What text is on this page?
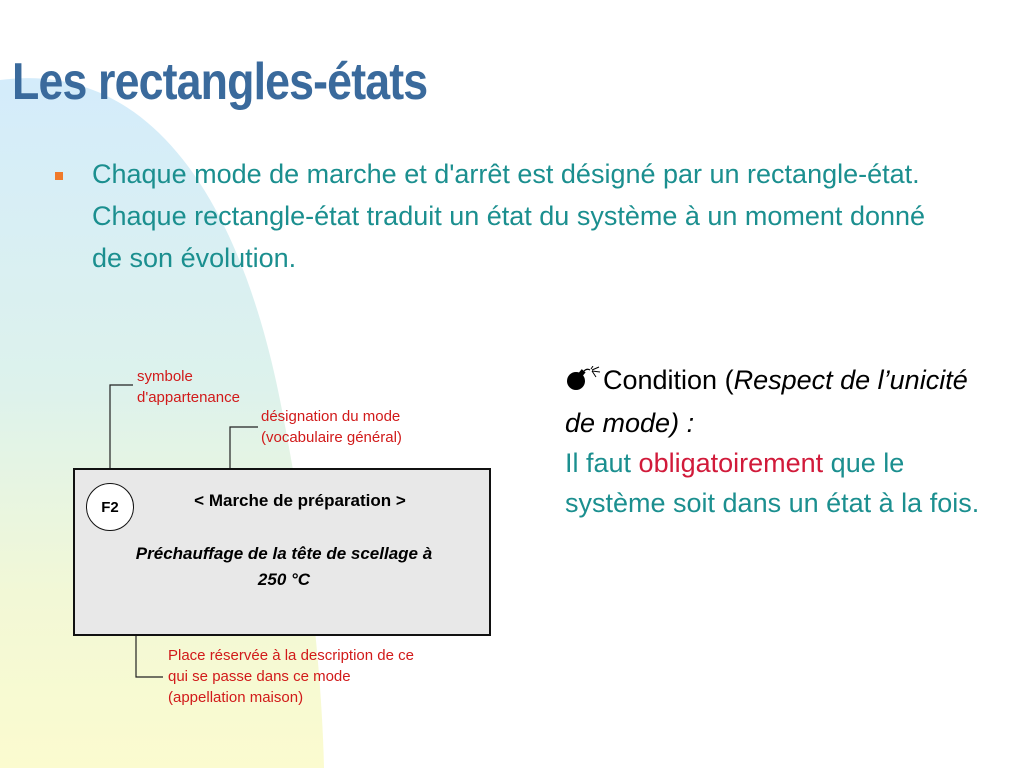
Les rectangles-états
Chaque mode de marche et d'arrêt est désigné par un rectangle-état. Chaque rectangle-état traduit un état du système à un moment donné de son évolution.
symbole
d'appartenance
désignation du mode
(vocabulaire général)
F2	< Marche de préparation >
Préchauffage de la tête de scellage à
250 °C
Place réservée à la description de ce
qui se passe dans ce mode
(appellation maison)
Condition (Respect de l’unicité de mode) :
Il faut obligatoirement que le système soit dans un état à la fois.
